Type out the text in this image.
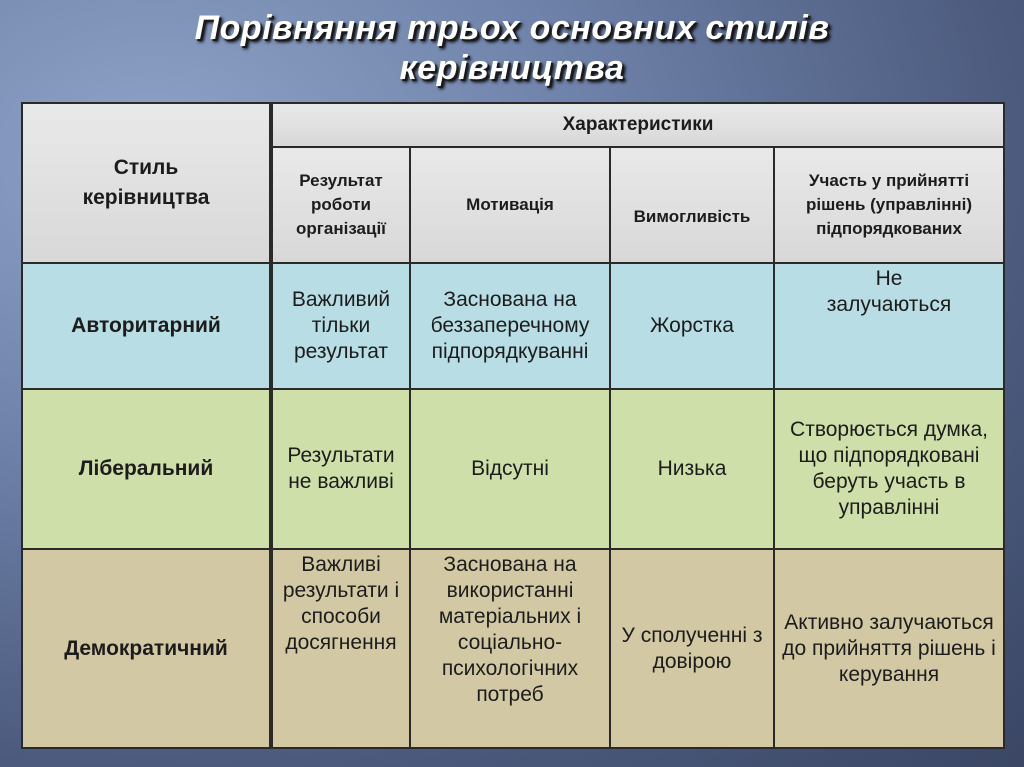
Порівняння трьох основних стилів
керівництва
Стиль керівництва	Характеристики			
	Результат роботи організації	Мотивація	Вимогливість	Участь у прийнятті рішень (управлінні) підпорядкованих
Авторитарний	Важливий тільки результат	Заснована на беззаперечному підпорядкуванні	Жорстка	Не залучаються
Ліберальний	Результати не важливі	Відсутні	Низька	Створюється думка, що підпорядковані беруть участь в управлінні
Демократичний	Важливі результати і способи досягнення	Заснована на використанні матеріальних і соціально-психологічних потреб	У сполученні з довірою	Активно залучаються до прийняття рішень і керування
